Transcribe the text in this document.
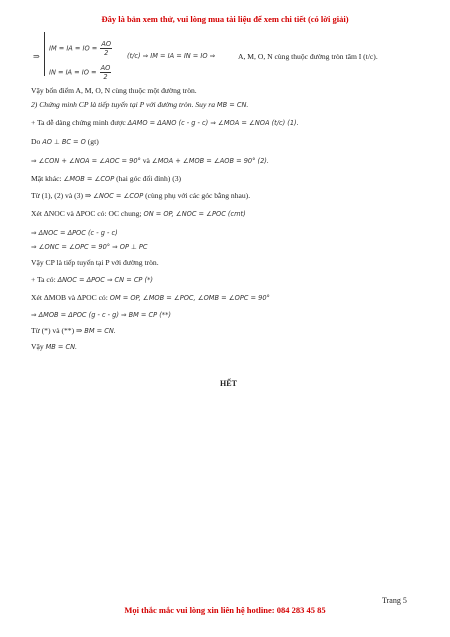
Đây là bản xem thử, vui lòng mua tài liệu để xem chi tiết (có lời giải)
⇒
IM = IA = IO = $\frac{AO}{2} (t/c)$ ⇒ IM = IA = IN = IO ⇒	A, M, O, N cùng thuộc đường tròn tâm I (t/c).
IN = IA = IO = $\frac{AO}{2}$
Vậy bốn điểm A, M, O, N cùng thuộc một đường tròn.
2) Chứng minh CP là tiếp tuyến tại P với đường tròn. Suy ra MB = CN.
+ Ta dễ dàng chứng minh được ΔAMO = ΔANO (c - g - c) ⇒ ∠MOA = ∠NOA (t/c) (1).
Do AO ⊥ BC = O (gt)
⇒ ∠CON + ∠NOA = ∠AOC = 90° và ∠MOA + ∠MOB = ∠AOB = 90° (2).
Mặt khác: ∠MOB = ∠COP (hai góc đối đỉnh) (3)
Từ (1), (2) và (3) ⇒ ∠NOC = ∠COP (cùng phụ với các góc bằng nhau).
Xét ΔNOC và ΔPOC có: OC chung; ON = OP, ∠NOC = ∠POC (cmt)
⇒ ΔNOC = ΔPOC (c - g - c)
⇒ ∠ONC = ∠OPC = 90° ⇒ OP ⊥ PC
Vậy CP là tiếp tuyến tại P với đường tròn.
+ Ta có: ΔNOC = ΔPOC ⇒ CN = CP (*)
Xét ΔMOB và ΔPOC có: OM = OP, ∠MOB = ∠POC, ∠OMB = ∠OPC = 90°
⇒ ΔMOB = ΔPOC (g - c - g) ⇒ BM = CP (**)
Từ (*) và (**) ⇒ BM = CN.
Vậy MB = CN.
HẾT
Trang 5
Mọi thắc mắc vui lòng xin liên hệ hotline: 084 283 45 85
